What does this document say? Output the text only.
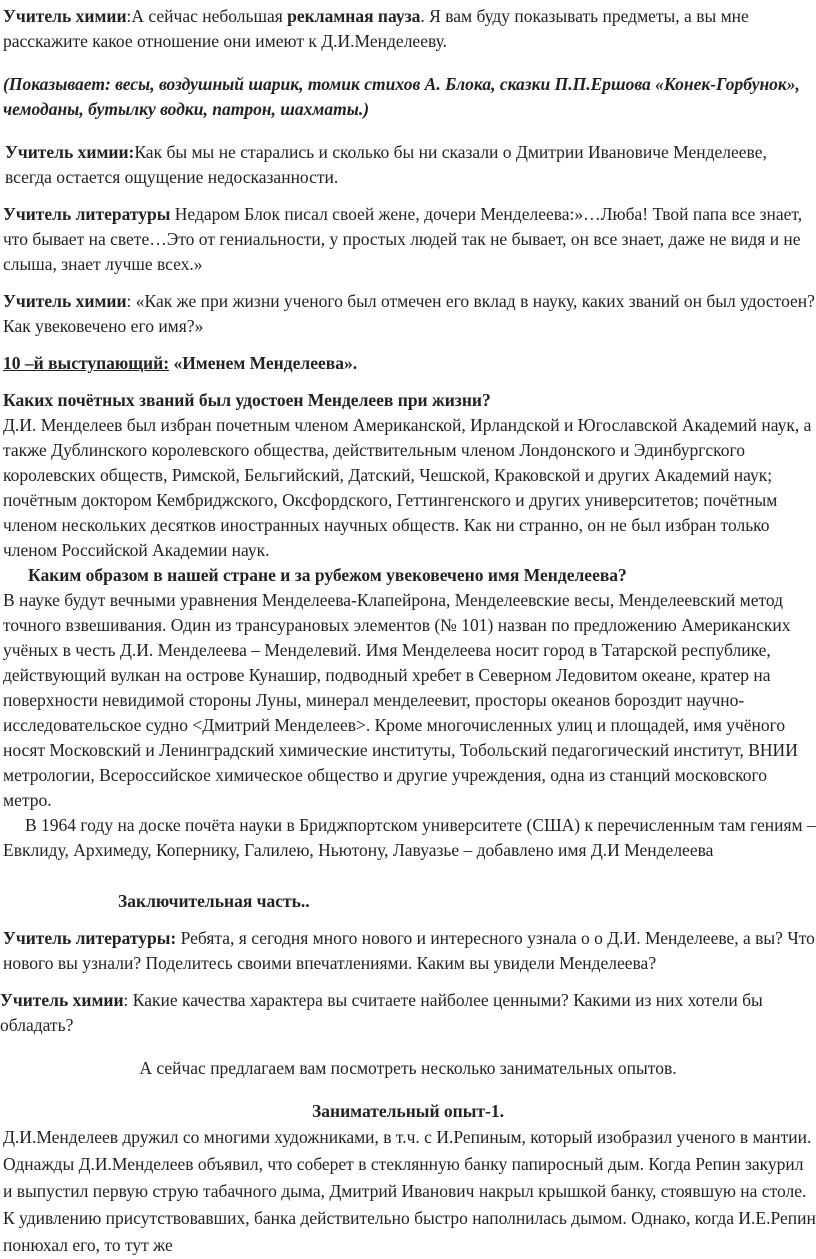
Учитель химии:А сейчас небольшая рекламная пауза. Я вам буду показывать предметы, а вы мне расскажите какое отношение они имеют к Д.И.Менделееву.

(Показывает: весы, воздушный шарик, томик стихов А. Блока, сказки П.П.Ершова «Конек-Горбунок», чемоданы, бутылку водки, патрон, шахматы.)

Учитель химии:Как бы мы не старались и сколько бы ни сказали о Дмитрии Ивановиче Менделееве, всегда остается ощущение недосказанности.

Учитель литературы Недаром Блок писал своей жене, дочери Менделеева:»…Люба! Твой папа все знает, что бывает на свете…Это от гениальности, у простых людей так не бывает, он все знает, даже не видя и не слыша, знает лучше всех.»

Учитель химии: «Как же при жизни ученого был отмечен его вклад в науку, каких званий он был удостоен? Как увековечено его имя?»

10 –й выступающий: «Именем Менделеева».

Каких почётных званий был удостоен Менделеев при жизни?

Д.И. Менделеев был избран почетным членом Американской, Ирландской и Югославской Академий наук, а также Дублинского королевского общества, действительным членом Лондонского и Эдинбургского королевских обществ, Римской, Бельгийский, Датский, Чешской, Краковской и других Академий наук; почётным доктором Кембриджского, Оксфордского, Геттингенского и других университетов; почётным членом нескольких десятков иностранных научных обществ. Как ни странно, он не был избран только членом Российской Академии наук.

Каким образом в нашей стране и за рубежом увековечено имя Менделеева?

В науке будут вечными уравнения Менделеева-Клапейрона, Менделеевские весы, Менделеевский метод точного взвешивания. Один из трансурановых элементов (№ 101) назван по предложению Американских учёных в честь Д.И. Менделеева – Менделевий. Имя Менделеева носит город в Татарской республике, действующий вулкан на острове Кунашир, подводный хребет в Северном Ледовитом океане, кратер на поверхности невидимой стороны Луны, минерал менделеевит, просторы океанов бороздит научно- исследовательское судно <Дмитрий Менделеев>. Кроме многочисленных улиц и площадей, имя учёного носят Московский и Ленинградский химические институты, Тобольский педагогический институт, ВНИИ метрологии, Всероссийское химическое общество и другие учреждения, одна из станций московского метро.

В 1964 году на доске почёта науки в Бриджпортском университете (США) к перечисленным там гениям – Евклиду, Архимеду, Копернику, Галилею, Ньютону, Лавуазье – добавлено имя Д.И Менделеева

Заключительная часть..

Учитель литературы: Ребята, я сегодня много нового и интересного узнала о о Д.И. Менделееве, а вы? Что нового вы узнали? Поделитесь своими впечатлениями. Каким вы увидели Менделеева?

Учитель химии: Какие качества характера вы считаете найболее ценными? Какими из них хотели бы обладать?

А сейчас предлагаем вам посмотреть несколько занимательных опытов.

Занимательный опыт-1.

Д.И.Менделеев дружил со многими художниками, в т.ч. с И.Репиным, который изобразил ученого в мантии. Однажды Д.И.Менделеев объявил, что соберет в стеклянную банку папиросный дым. Когда Репин закурил и выпустил первую струю табачного дыма, Дмитрий Иванович накрыл крышкой банку, стоявшую на столе. К удивлению присутствовавших, банка действительно быстро наполнилась дымом. Однако, когда И.Е.Репин понюхал его, то тут же
